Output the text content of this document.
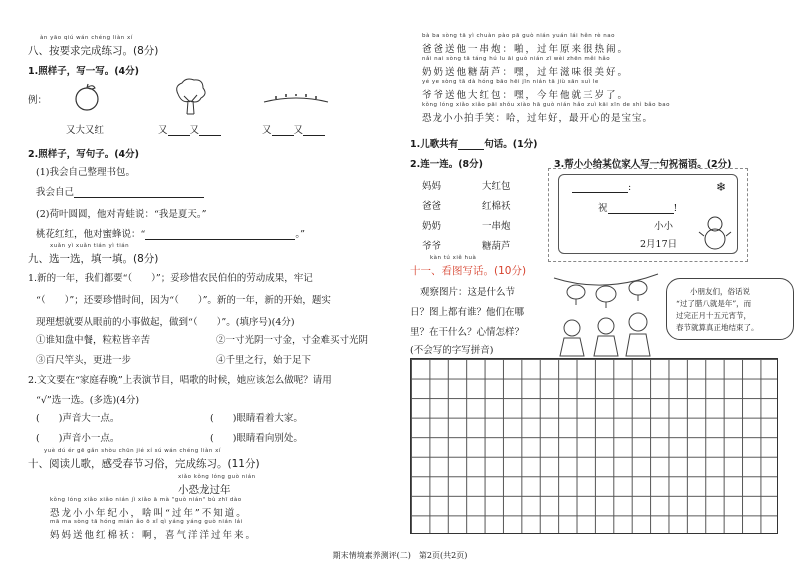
àn yāo qiú wán chéng liàn xí
八、按要求完成练习。(8分)
1.照样子，写一写。(4分)
例：
又大又红	又 又	又 又
2.照样子，写句子。(4分)
(1)我会自己整理书包。
我会自己
(2)荷叶圆圆，他对青蛙说：“我是夏天。”
桃花红红，他对蜜蜂说：“	。”
xuǎn yì xuǎn tián yì tián
九、选一选，填一填。(8分)
1.新的一年，我们都要“（　　）”；妥珍惜农民伯伯的劳动成果，牢记
“（　　）”；还要珍惜时间，因为“（　　）”。新的一年，新的开始，题实
现理想就要从眼前的小事做起，做到“（　　）”。(填序号)(4分)
①谁知盘中餐，粒粒皆辛苦	②一寸光阴一寸金，寸金难买寸光阴
③百尺竿头，更进一步	④千里之行，始于足下
2.文文要在“家庭春晚”上表演节目，唱歌的时候，她应该怎么做呢？请用
“√”选一选。(多选)(4分)
(　　)声音大一点。	(　　)眼睛看着大家。
(　　)声音小一点。	(　　)眼睛看向别处。
yuè dú ér gē gǎn shòu chūn jié xí sú wán chéng liàn xí
十、阅读儿歌，感受春节习俗，完成练习。(11分)
xiǎo kǒng lóng guò nián
小恐龙过年
kǒng lóng xiǎo xiǎo nián jì xiǎo ā mà "guò nián" bù zhī dào
恐龙小小年纪小，啥叫“过年”不知道。
mā ma sòng tā hóng mián ǎo ō xǐ qì yáng yáng guò nián lái
妈妈送他红棉袄：啊，喜气洋洋过年来。
bà ba sòng tā yì chuàn pào pā guò nián yuán lái hěn rè nao
爸爸送他一串炮：啪，过年原来很热闹。
nǎi nai sòng tā táng hú lu āi guò nián zī wèi zhēn měi hǎo
奶奶送他糖葫芦：嘿，过年滋味很美好。
yé ye sòng tā dà hóng bāo hēi jīn nián tā jiù sān suì le
爷爷送他大红包：嘿，今年他就三岁了。
kǒng lóng xiǎo xiǎo pāi shǒu xiào hā guò nián hǎo zuì kāi xīn de shì bǎo bao
恐龙小小拍手笑：哈，过年好，最开心的是宝宝。
1.儿歌共有	句话。(1分)
2.连一连。(8分)
妈妈
爸爸
奶奶
爷爷
大红包
红棉袄
一串炮
糖葫芦
3.帮小小给某位家人写一句祝福语。(2分)
:
祝	!
小小
2月17日
❄
kàn tú xiě huà
十一、看图写话。(10分)
观察图片：这是什么节
日？图上都有谁？他们在哪
里？在干什么？心情怎样？
(不会写的字写拼音)
小朋友们，俗话说
“过了腊八就是年”，而
过完正月十五元宵节，
春节就算真正地结束了。
期末情境素养测评(二)　第2页(共2页)
